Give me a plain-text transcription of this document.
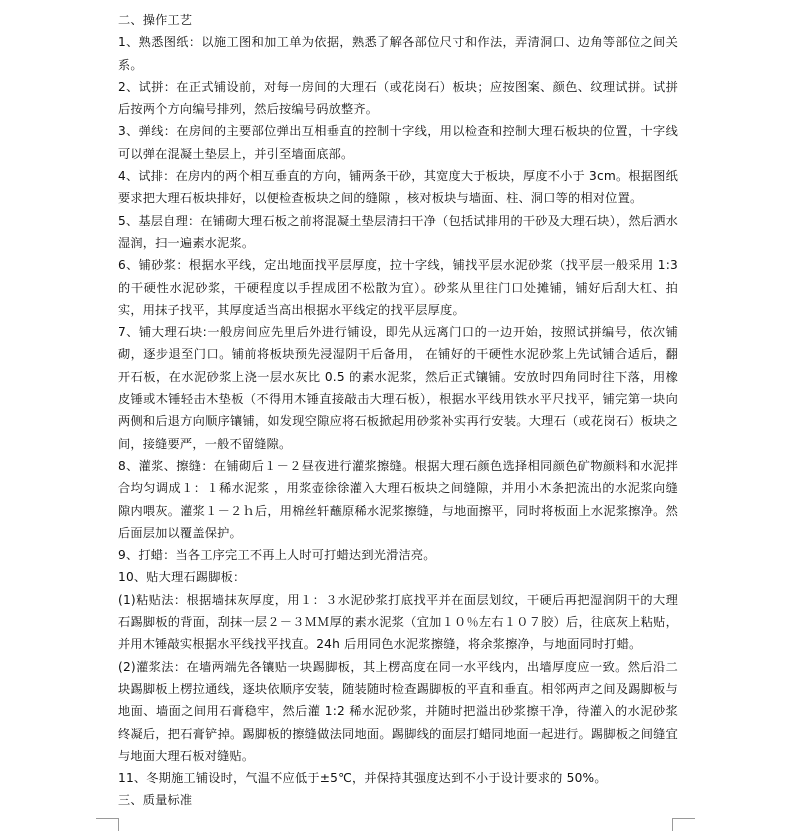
二、操作工艺

1、熟悉图纸：以施工图和加工单为依据，熟悉了解各部位尺寸和作法，弄清洞口、边角等部位之间关系。

2、试拼：在正式铺设前，对每一房间的大理石（或花岗石）板块；应按图案、颜色、纹理试拼。试拼后按两个方向编号排列，然后按编号码放整齐。

3、弹线：在房间的主要部位弹出互相垂直的控制十字线，用以检查和控制大理石板块的位置，十字线可以弹在混凝土垫层上，并引至墙面底部。

4、试排：在房内的两个相互垂直的方向，铺两条干砂，其宽度大于板块，厚度不小于 3cm。根据图纸要求把大理石板块排好，以便检查板块之间的缝隙 ，核对板块与墙面、柱、洞口等的相对位置。

5、基层自理：在铺砌大理石板之前将混凝土垫层清扫干净（包括试排用的干砂及大理石块），然后洒水湿润，扫一遍素水泥浆。

6、铺砂浆：根据水平线，定出地面找平层厚度，拉十字线，铺找平层水泥砂浆（找平层一般采用 1:3 的干硬性水泥砂浆，干硬程度以手捏成团不松散为宜）。砂浆从里往门口处摊铺，铺好后刮大杠、拍实，用抹子找平，其厚度适当高出根据水平线定的找平层厚度。

7、铺大理石块:一般房间应先里后外进行铺设，即先从远离门口的一边开始，按照试拼编号，依次铺砌，逐步退至门口。铺前将板块预先浸湿阴干后备用， 在铺好的干硬性水泥砂浆上先试铺合适后，翻开石板，在水泥砂浆上浇一层水灰比 0.5 的素水泥浆，然后正式镶铺。安放时四角同时往下落，用橡皮锤或木锤轻击木垫板（不得用木锤直接敲击大理石板），根据水平线用铁水平尺找平，铺完第一块向两侧和后退方向顺序镶铺，如发现空隙应将石板掀起用砂浆补实再行安装。大理石（或花岗石）板块之间，接缝要严，一般不留缝隙。

8、灌浆、擦缝：在铺砌后１－２昼夜进行灌浆擦缝。根据大理石颜色选择相同颜色矿物颜料和水泥拌合均匀调成１：１稀水泥浆 ，用浆壶徐徐灌入大理石板块之间缝隙，并用小木条把流出的水泥浆向缝隙内喂灰。灌浆１－２ｈ后，用棉丝轩蘸原稀水泥浆擦缝，与地面擦平，同时将板面上水泥浆擦净。然后面层加以覆盖保护。

9、打蜡：当各工序完工不再上人时可打蜡达到光滑洁亮。

10、贴大理石踢脚板：

(1)粘贴法：根据墙抹灰厚度，用１：３水泥砂浆打底找平并在面层划纹，干硬后再把湿润阴干的大理石踢脚板的背面，刮抹一层２－３ＭＭ厚的素水泥浆（宜加１０％左右１０７胶）后，往底灰上粘贴，并用木锤敲实根据水平线找平找直。24h 后用同色水泥浆擦缝，将余浆擦净，与地面同时打蜡。

(2)灌浆法：在墙两端先各镶贴一块踢脚板，其上楞高度在同一水平线内，出墙厚度应一致。然后沿二块踢脚板上楞拉通线，逐块依顺序安装，随装随时检查踢脚板的平直和垂直。相邻两声之间及踢脚板与地面、墙面之间用石膏稳牢，然后灌 1:2 稀水泥砂浆，并随时把溢出砂浆擦干净，待灌入的水泥砂浆终凝后，把石膏铲掉。踢脚板的擦缝做法同地面。踢脚线的面层打蜡同地面一起进行。踢脚板之间缝宜与地面大理石板对缝贴。

11、冬期施工铺设时，气温不应低于±5℃，并保持其强度达到不小于设计要求的 50%。

三、质量标准
